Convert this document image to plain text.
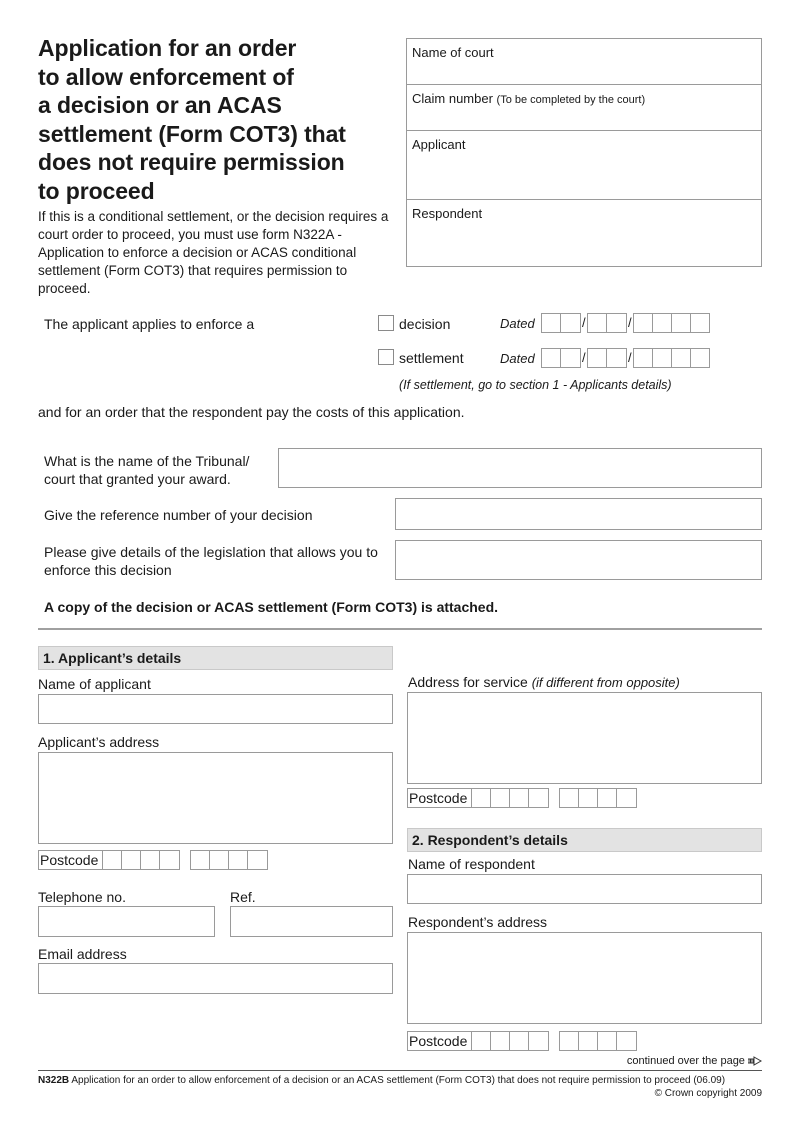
Application for an order
to allow enforcement of
a decision or an ACAS
settlement (Form COT3) that
does not require permission
to proceed
If this is a conditional settlement, or the decision requires a court order to proceed, you must use form N322A - Application to enforce a decision or ACAS conditional settlement (Form COT3) that requires permission to proceed.
Name of court
Claim number (To be completed by the court)
Applicant
Respondent
The applicant applies to enforce a	decision	Dated	/	/
settlement	Dated	/	/
(If settlement, go to section 1 - Applicants details)
and for an order that the respondent pay the costs of this application.
What is the name of the Tribunal/ court that granted your award.
Give the reference number of your decision
Please give details of the legislation that allows you to enforce this decision
A copy of the decision or ACAS settlement (Form COT3) is attached.
1. Applicant’s details
Name of applicant
Applicant’s address
Postcode
Telephone no.	Ref.
Email address
Address for service (if different from opposite)
Postcode
2. Respondent’s details
Name of respondent
Respondent’s address
Postcode
continued over the page
N322B Application for an order to allow enforcement of a decision or an ACAS settlement (Form COT3) that does not require permission to proceed (06.09)
© Crown copyright 2009
